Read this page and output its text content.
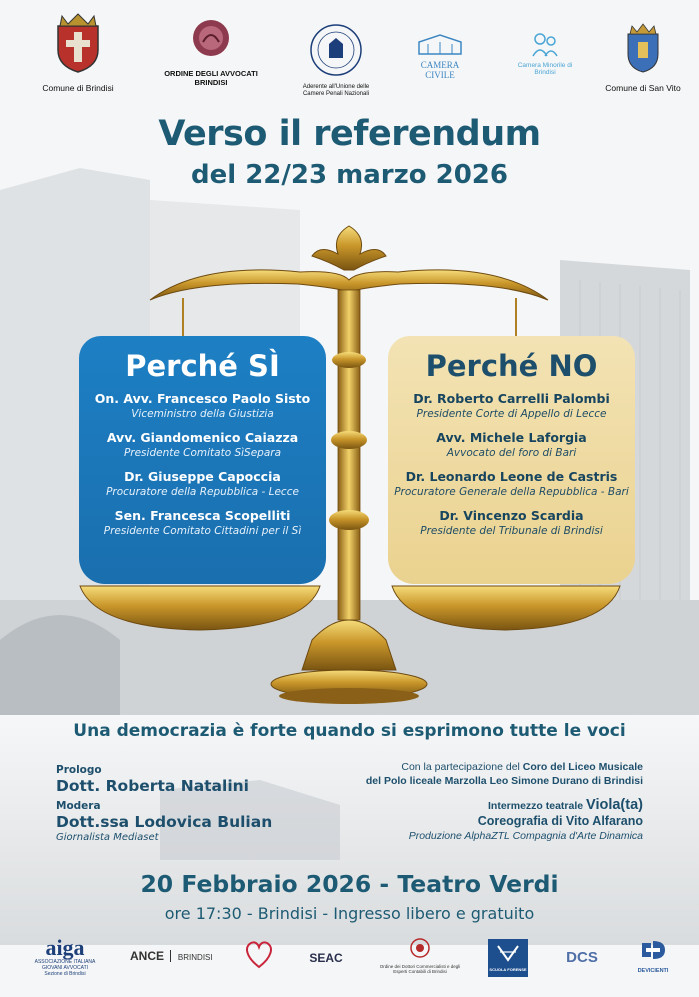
Comune di Brindisi
ORDINE DEGLI AVVOCATI
BRINDISI
Aderente all'Unione delle
Camere Penali Nazionali
CAMERA CIVILE
Camera Minorile di Brindisi
Comune di San Vito
Verso il referendum
del 22/23 marzo 2026
Perché SÌ
On. Avv. Francesco Paolo Sisto
Viceministro della Giustizia
Avv. Giandomenico Caiazza
Presidente Comitato SìSepara
Dr. Giuseppe Capoccia
Procuratore della Repubblica - Lecce
Sen. Francesca Scopelliti
Presidente Comitato Cittadini per il Sì
Perché NO
Dr. Roberto Carrelli Palombi
Presidente Corte di Appello di Lecce
Avv. Michele Laforgia
Avvocato del foro di Bari
Dr. Leonardo Leone de Castris
Procuratore Generale della Repubblica - Bari
Dr. Vincenzo Scardia
Presidente del Tribunale di Brindisi
Una democrazia è forte quando si esprimono tutte le voci
Prologo
Dott. Roberta Natalini
Modera
Dott.ssa Lodovica Bulian
Giornalista Mediaset
Con la partecipazione del Coro del Liceo Musicale
del Polo liceale Marzolla Leo Simone Durano di Brindisi
Intermezzo teatrale Viola(ta)
Coreografia di Vito Alfarano
Produzione AlphaZTL Compagnia d'Arte Dinamica
20 Febbraio 2026 - Teatro Verdi
ore 17:30 - Brindisi - Ingresso libero e gratuito
aiga
ASSOCIAZIONE ITALIANA
GIOVANI AVVOCATI
Sezione di Brindisi
ANCE BRINDISI	SEAC
Ordine dei Dottori Commercialisti e degli
Esperti Contabili di Brindisi	SCUOLA FORENSE
DCS
DEVICIENTI
